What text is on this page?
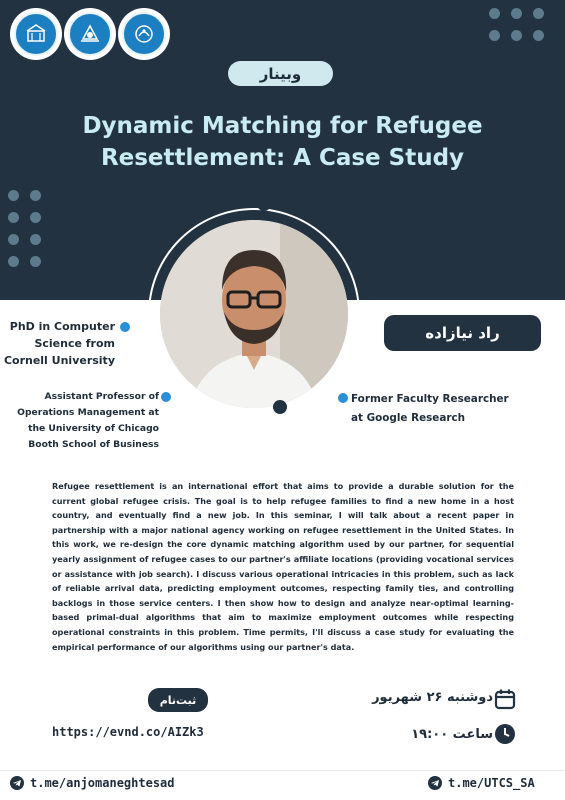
وبینار
Dynamic Matching for Refugee
Resettlement: A Case Study
PhD in Computer
Science from
Cornell University
Assistant Professor of
Operations Management at
the University of Chicago
Booth School of Business
راد نیازاده
Former Faculty Researcher
at Google Research
Refugee resettlement is an international effort that aims to provide a durable solution for the current global refugee crisis. The goal is to help refugee families to find a new home in a host country, and eventually find a new job. In this seminar, I will talk about a recent paper in partnership with a major national agency working on refugee resettlement in the United States. In this work, we re-design the core dynamic matching algorithm used by our partner, for sequential yearly assignment of refugee cases to our partner's affiliate locations (providing vocational services or assistance with job search). I discuss various operational intricacies in this problem, such as lack of reliable arrival data, predicting employment outcomes, respecting family ties, and controlling backlogs in those service centers. I then show how to design and analyze near-optimal learning-based primal-dual algorithms that aim to maximize employment outcomes while respecting operational constraints in this problem. Time permits, I'll discuss a case study for evaluating the empirical performance of our algorithms using our partner's data.
ثبت‌نام
https://evnd.co/AIZk3
دوشنبه ۲۶ شهریور
ساعت ۱۹:۰۰
t.me/anjomaneghtesad	t.me/UTCS_SA
